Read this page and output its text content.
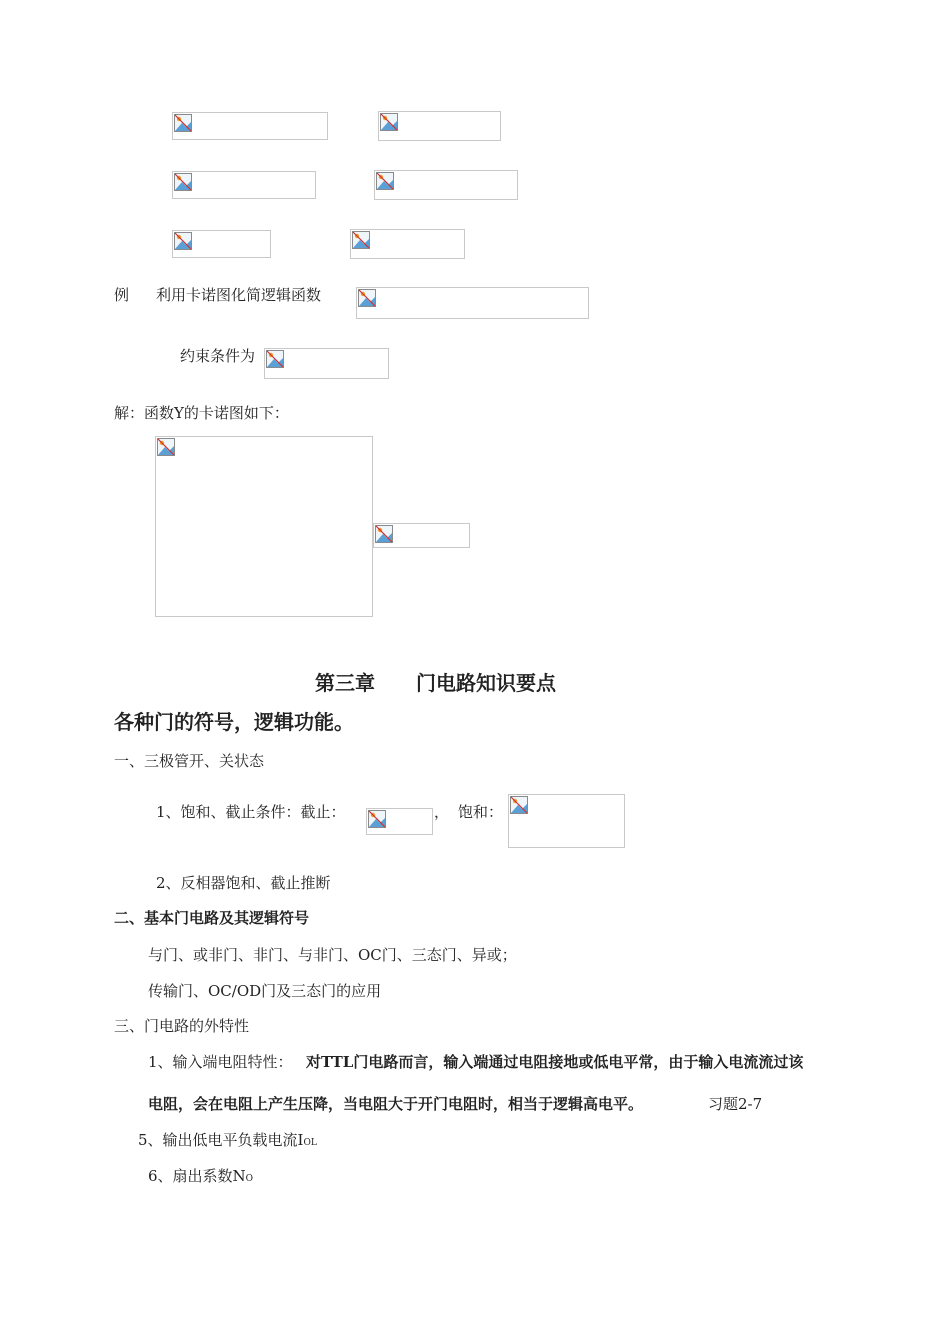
例 利用卡诺图化简逻辑函数
约束条件为
解：函数Y的卡诺图如下：
第三章 门电路知识要点
各种门的符号，逻辑功能。
一、三极管开、关状态
1、饱和、截止条件：截止：	， 饱和：
2、反相器饱和、截止推断
二、基本门电路及其逻辑符号
与门、或非门、非门、与非门、OC门、三态门、异或；
传输门、OC/OD门及三态门的应用
三、门电路的外特性
1、输入端电阻特性： 对TTL门电路而言，输入端通过电阻接地或低电平常，由于输入电流流过该
电阻，会在电阻上产生压降，当电阻大于开门电阻时，相当于逻辑高电平。	习题2-7
5、输出低电平负载电流IOL
6、扇出系数NO
